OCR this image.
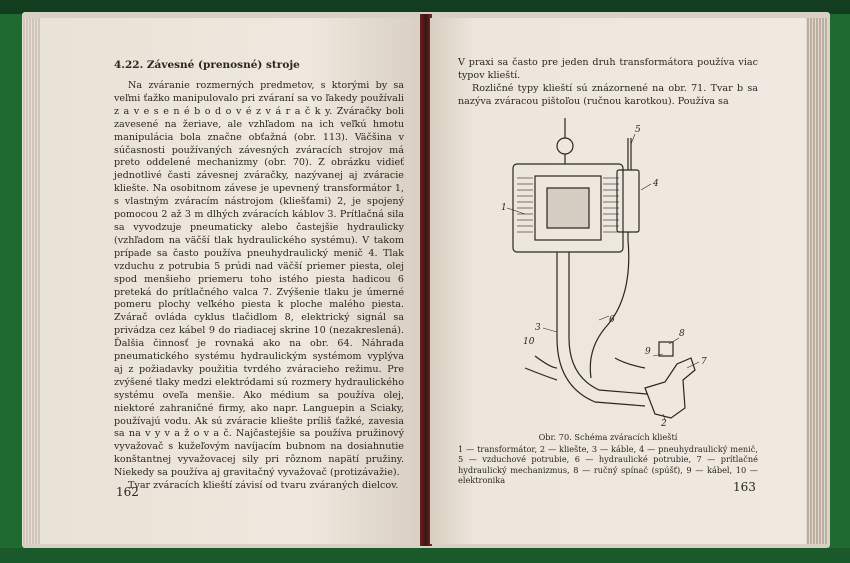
4.22. Závesné (prenosné) stroje

Na zváranie rozmerných predmetov, s ktorými by sa veľmi ťažko manipulovalo pri zváraní sa vo ľakedy používali z a v e s e n é b o d o v é z v á r a č k y. Zváračky boli zavesené na žeriave, ale vzhľadom na ich veľkú hmotu manipulácia bola značne obťažná (obr. 113). Väčšina v súčasnosti používaných závesných zváracích strojov má preto oddelené mechanizmy (obr. 70). Z obrázku vidieť jednotlivé časti závesnej zváračky, nazývanej aj zváracie kliešte. Na osobitnom závese je upevnený transformátor 1, s vlastným zváracím nástrojom (kliešťami) 2, je spojený pomocou 2 až 3 m dlhých zváracích káblov 3. Prítlačná sila sa vyvodzuje pneumaticky alebo častejšie hydraulicky (vzhľadom na väčší tlak hydraulického systému). V takom prípade sa často používa pneuhydraulický menič 4. Tlak vzduchu z potrubia 5 prúdi nad väčší priemer piesta, olej spod menšieho priemeru toho istého piesta hadicou 6 preteká do prítlačného valca 7. Zvýšenie tlaku je úmerné pomeru plochy veľkého piesta k ploche malého piesta. Zvárač ovláda cyklus tlačidlom 8, elektrický signál sa privádza cez kábel 9 do riadiacej skrine 10 (nezakreslená). Ďalšia činnosť je rovnaká ako na obr. 64. Náhrada pneumatického systému hydraulickým systémom vyplýva aj z požiadavky použitia tvrdého zváracieho režimu. Pre zvýšené tlaky medzi elektródami sú rozmery hydraulického systému oveľa menšie. Ako médium sa používa olej, niektoré zahraničné firmy, ako napr. Languepin a Sciaky, používajú vodu. Ak sú zváracie kliešte príliš ťažké, zavesia sa na v y v a ž o v a č. Najčastejšie sa používa pružinový vyvažovač s kužeľovým navíjacím bubnom na dosiahnutie konštantnej vyvažovacej sily pri rôznom napätí pružiny. Niekedy sa používa aj gravitačný vyvažovač (protizávažie).

Tvar zváracích klieští závisí od tvaru zváraných dielcov.

162

V praxi sa často pre jeden druh transformátora používa viac typov klieští.

Rozličné typy klieští sú znázornené na obr. 71. Tvar b sa nazýva zváracou pištoľou (ručnou karotkou). Používa sa

1
2
3
4
5
6
7
8
9
10
Obr. 70. Schéma zváracích klieští
1 — transformátor, 2 — kliešte, 3 — káble, 4 — pneuhydraulický menič, 5 — vzduchové potrubie, 6 — hydraulické potrubie, 7 — prítlačné hydraulický mechanizmus, 8 — ručný spínač (spúšť), 9 — kábel, 10 — elektronika
163
